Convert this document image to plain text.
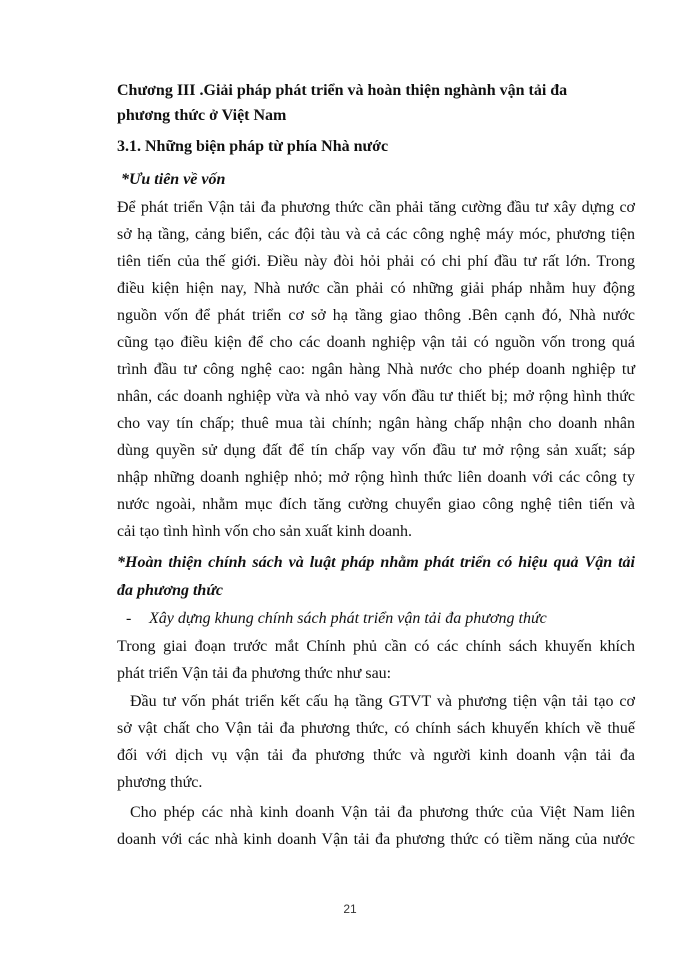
Chương III .Giải pháp phát triển và hoàn thiện nghành vận tải đa
phương thức ở Việt Nam
3.1. Những biện pháp từ phía Nhà nước
*Ưu tiên về vốn
Để phát triển Vận tải đa phương thức cần phải tăng cường đầu tư xây dựng cơ
sở hạ tầng, cảng biển, các đội tàu và cả các công nghệ máy móc, phương tiện
tiên tiến của thế giới. Điều này đòi hỏi phải có chi phí đầu tư rất lớn. Trong
điều kiện hiện nay, Nhà nước cần phải có những giải pháp nhằm huy động
nguồn vốn để phát triển cơ sở hạ tầng giao thông .Bên cạnh đó, Nhà nước
cũng tạo điều kiện để cho các doanh nghiệp vận tải có nguồn vốn trong quá
trình đầu tư công nghệ cao: ngân hàng Nhà nước cho phép doanh nghiệp tư
nhân, các doanh nghiệp vừa và nhỏ vay vốn đầu tư thiết bị; mở rộng hình thức
cho vay tín chấp; thuê mua tài chính; ngân hàng chấp nhận cho doanh nhân
dùng quyền sử dụng đất để tín chấp vay vốn đầu tư mở rộng sản xuất; sáp
nhập những doanh nghiệp nhỏ; mở rộng hình thức liên doanh với các công ty
nước ngoài, nhằm mục đích tăng cường chuyển giao công nghệ tiên tiến và
cải tạo tình hình vốn cho sản xuất kinh doanh.
*Hoàn thiện chính sách và luật pháp nhằm phát triển có hiệu quả Vận tải
đa phương thức
- Xây dựng khung chính sách phát triển vận tải đa phương thức
Trong giai đoạn trước mắt Chính phủ cần có các chính sách khuyến khích
phát triển Vận tải đa phương thức như sau:
Đầu tư vốn phát triển kết cấu hạ tầng GTVT và phương tiện vận tải tạo cơ
sở vật chất cho Vận tải đa phương thức, có chính sách khuyến khích về thuế
đối với dịch vụ vận tải đa phương thức và người kinh doanh vận tải đa
phương thức.
Cho phép các nhà kinh doanh Vận tải đa phương thức của Việt Nam liên
doanh với các nhà kinh doanh Vận tải đa phương thức có tiềm năng của nước
21
